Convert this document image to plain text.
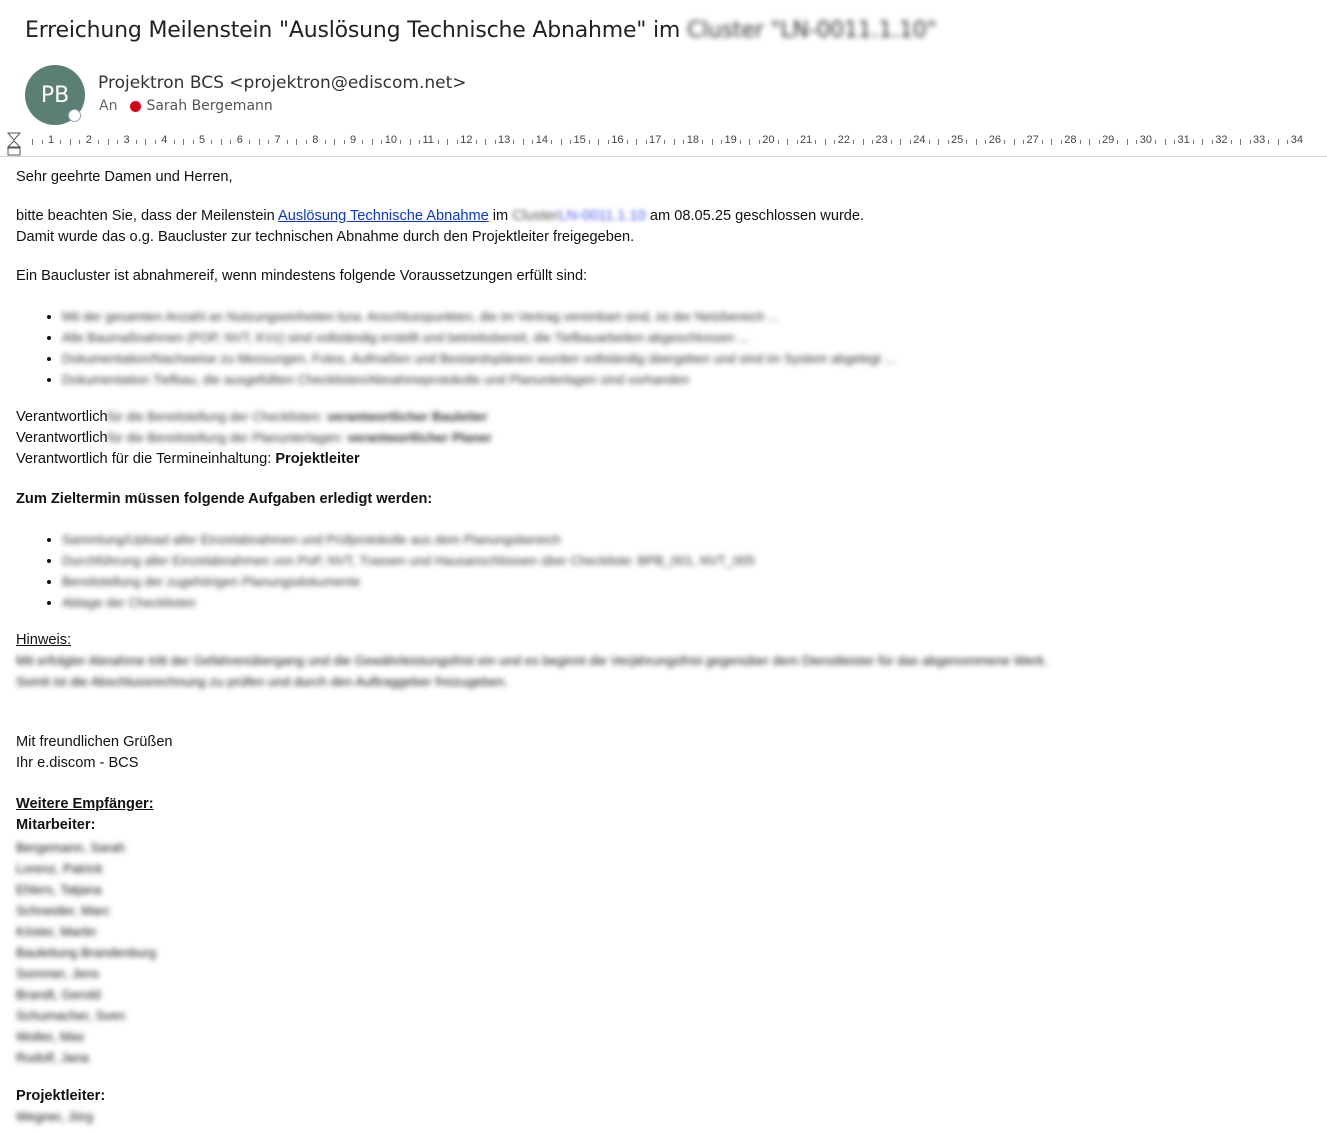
Erreichung Meilenstein "Auslösung Technische Abnahme" im Cluster "LN-0011.1.10"
PB Projektron BCS <projektron@ediscom.net>
An Sarah Bergemann
1	2	3	4	5	6	7	8	9	10 11 12 13 14 15 16 17 18 19 20 21 22 23 24 25 26 27 28 29 30 31 32 33 34
Sehr geehrte Damen und Herren,
bitte beachten Sie, dass der Meilenstein Auslösung Technische Abnahme im ClusterLN-0011.1.10 am 08.05.25 geschlossen wurde.
Damit wurde das o.g. Baucluster zur technischen Abnahme durch den Projektleiter freigegeben.
Ein Baucluster ist abnahmereif, wenn mindestens folgende Voraussetzungen erfüllt sind:
• Mit der gesamten Anzahl an Nutzungseinheiten bzw. Anschlusspunkten, die im Vertrag vereinbart sind, ist der Netzbereich ...
• Alle Baumaßnahmen (POP, NVT, KVz) sind vollständig erstellt und betriebsbereit, die Tiefbauarbeiten abgeschlossen ...
• Dokumentation/Nachweise zu Messungen, Fotos, Aufmaßen und Bestandsplänen wurden vollständig übergeben und sind im System abgelegt ...
• Dokumentation Tiefbau, die ausgefüllten Checklisten/Abnahmeprotokolle und Planunterlagen sind vorhanden
Verantwortlichfür die Bereitstellung der Checklisten: verantwortlicher Bauleiter
Verantwortlichfür die Bereitstellung der Planunterlagen: verantwortlicher Planer
Verantwortlich für die Termineinhaltung: Projektleiter
Zum Zieltermin müssen folgende Aufgaben erledigt werden:
• Sammlung/Upload aller Einzelabnahmen und Prüfprotokolle aus dem Planungsbereich
• Durchführung aller Einzelabnahmen von PoP, NVT, Trassen und Hausanschlüssen über Checkliste: BPB_001, NVT_005
• Bereitstellung der zugehörigen Planungsdokumente
• Ablage der Checklisten
Hinweis:
Mit erfolgter Abnahme tritt der Gefahrenübergang und die Gewährleistungsfrist ein und es beginnt die Verjährungsfrist gegenüber dem Dienstleister für das abgenommene Werk.
Somit ist die Abschlussrechnung zu prüfen und durch den Auftraggeber freizugeben.
Mit freundlichen Grüßen
Ihr e.discom - BCS
Weitere Empfänger:
Mitarbeiter:
Bergemann, Sarah
Lorenz, Patrick
Ehlers, Tatjana
Schneider, Marc
Köster, Martin
Bauleitung Brandenburg
Sommer, Jens
Brandt, Gerold
Schumacher, Sven
Wolter, Max
Rudolf, Jana
Projektleiter:
Wegner, Jörg
